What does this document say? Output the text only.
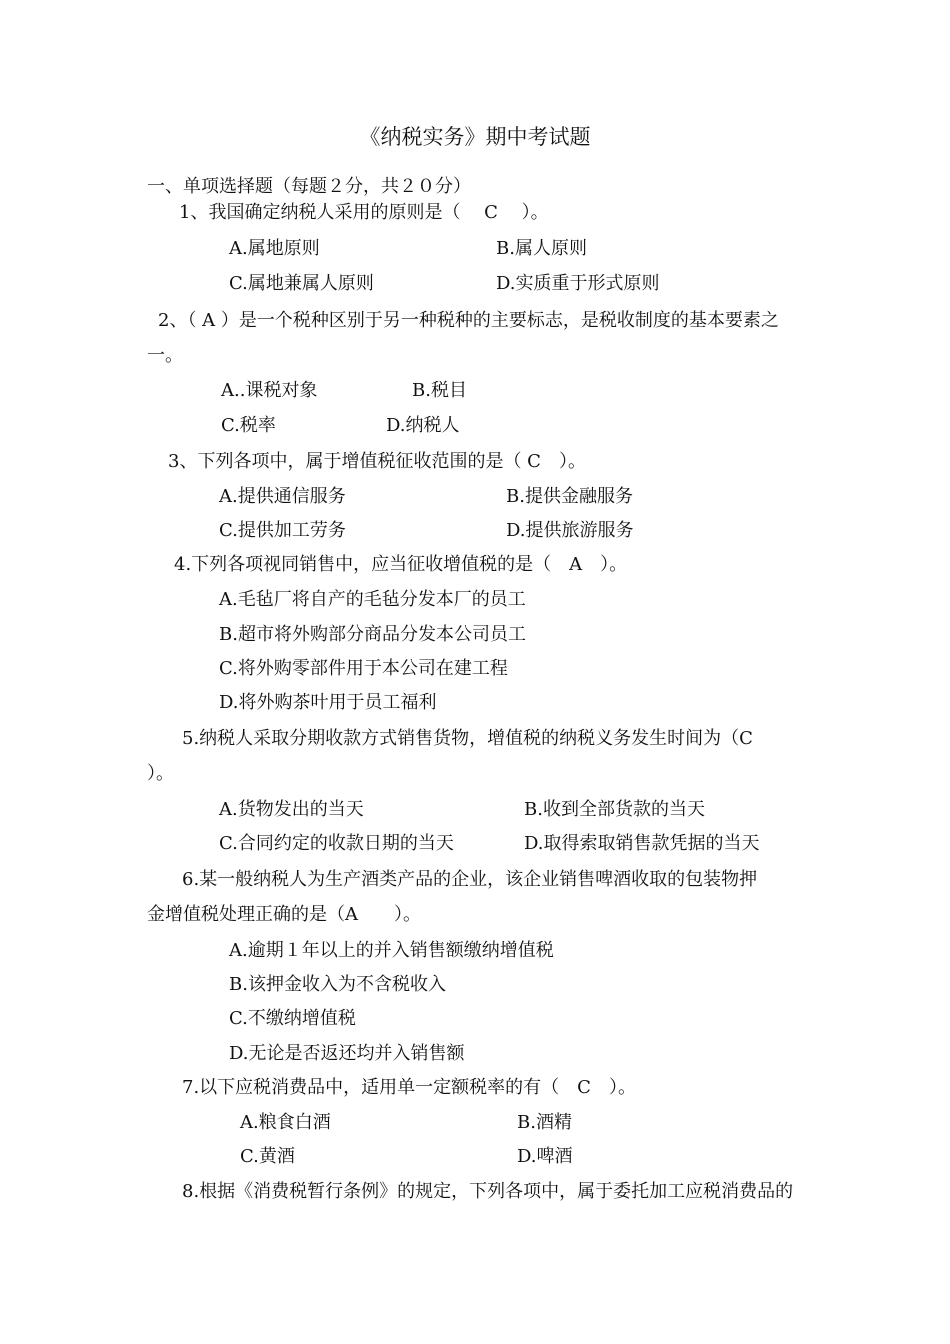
《纳税实务》期中考试题
一、单项选择题（每题２分，共２０分）
1、我国确定纳税人采用的原则是（　 C　 ）。
A.属地原则	B.属人原则
C.属地兼属人原则	D.实质重于形式原则
2、（ A ）是一个税种区别于另一种税种的主要标志，是税收制度的基本要素之
一。
A..课税对象	B.税目
C.税率	D.纳税人
3、下列各项中，属于增值税征收范围的是（ C　）。
A.提供通信服务	B.提供金融服务
C.提供加工劳务	D.提供旅游服务
4.下列各项视同销售中，应当征收增值税的是（　A　）。
A.毛毡厂将自产的毛毡分发本厂的员工
B.超市将外购部分商品分发本公司员工
C.将外购零部件用于本公司在建工程
D.将外购茶叶用于员工福利
5.纳税人采取分期收款方式销售货物，增值税的纳税义务发生时间为（C
）。
A.货物发出的当天	B.收到全部货款的当天
C.合同约定的收款日期的当天	D.取得索取销售款凭据的当天
6.某一般纳税人为生产酒类产品的企业，该企业销售啤酒收取的包装物押
金增值税处理正确的是（A　　）。
A.逾期１年以上的并入销售额缴纳增值税
B.该押金收入为不含税收入
C.不缴纳增值税
D.无论是否返还均并入销售额
7.以下应税消费品中，适用单一定额税率的有（　C　）。
A.粮食白酒	B.酒精
C.黄酒	D.啤酒
8.根据《消费税暂行条例》的规定，下列各项中，属于委托加工应税消费品的
